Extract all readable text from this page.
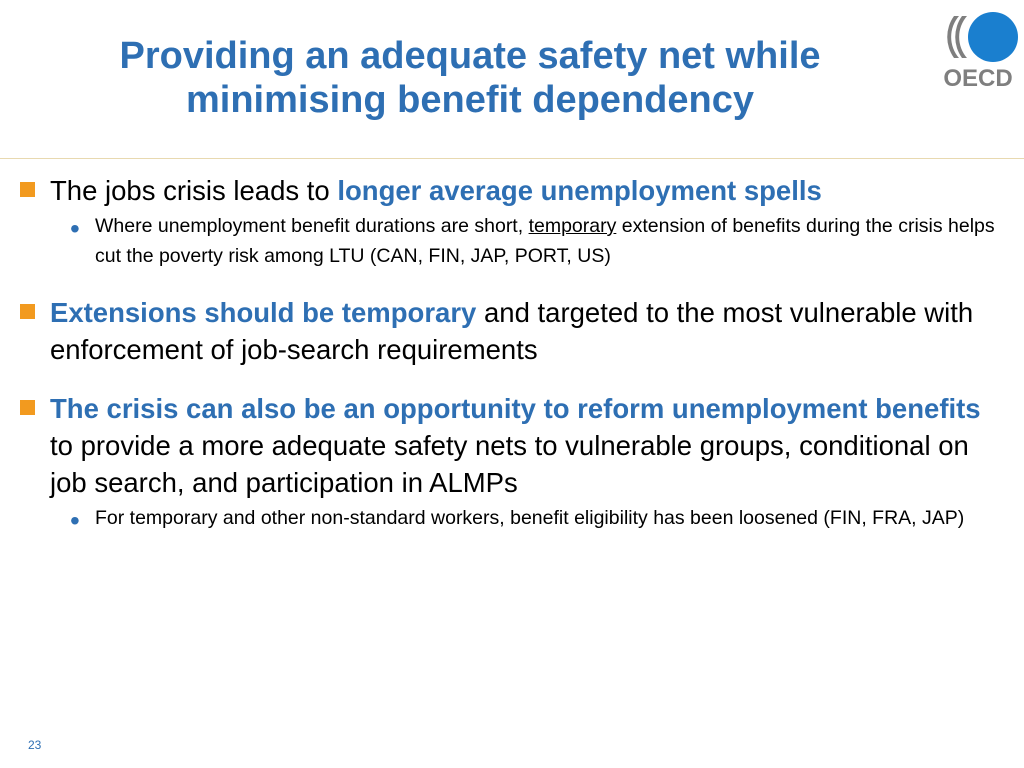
Providing an adequate safety net while minimising benefit dependency
OECD
The jobs crisis leads to longer average unemployment spells
• Where unemployment benefit durations are short, temporary extension of benefits during the crisis helps cut the poverty risk among LTU (CAN, FIN, JAP, PORT, US)
Extensions should be temporary and targeted to the most vulnerable with enforcement of job-search requirements
The crisis can also be an opportunity to reform unemployment benefits  to provide a more adequate safety nets to vulnerable groups, conditional on  job search, and participation in ALMPs
• For temporary and other non-standard workers, benefit eligibility has been loosened (FIN, FRA, JAP)
23
